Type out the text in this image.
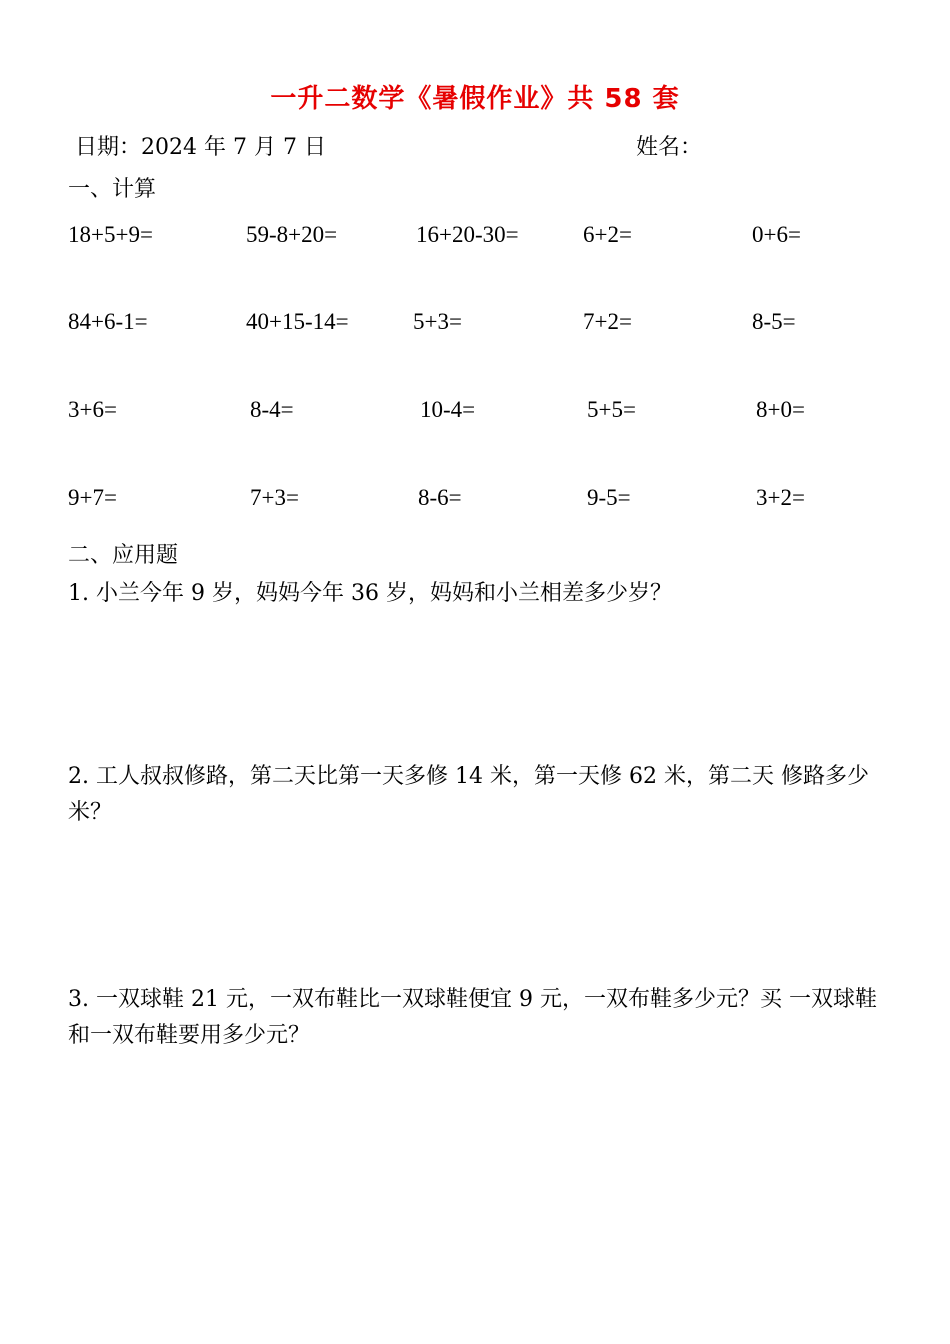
一升二数学《暑假作业》共 58 套
日期：2024 年 7 月 7 日	姓名：
一、计算
18+5+9=	59-8+20=	16+20-30=	6+2=	0+6=
84+6-1=	40+15-14=	5+3=	7+2=	8-5=
3+6=	8-4=	10-4=	5+5=	8+0=
9+7=	7+3=	8-6=	9-5=	3+2=
二、应用题
1. 小兰今年 9 岁，妈妈今年 36 岁，妈妈和小兰相差多少岁？
2. 工人叔叔修路，第二天比第一天多修 14 米，第一天修 62 米，第二天 修路多少米？
3. 一双球鞋 21 元，一双布鞋比一双球鞋便宜 9 元，一双布鞋多少元？买 一双球鞋和一双布鞋要用多少元？
